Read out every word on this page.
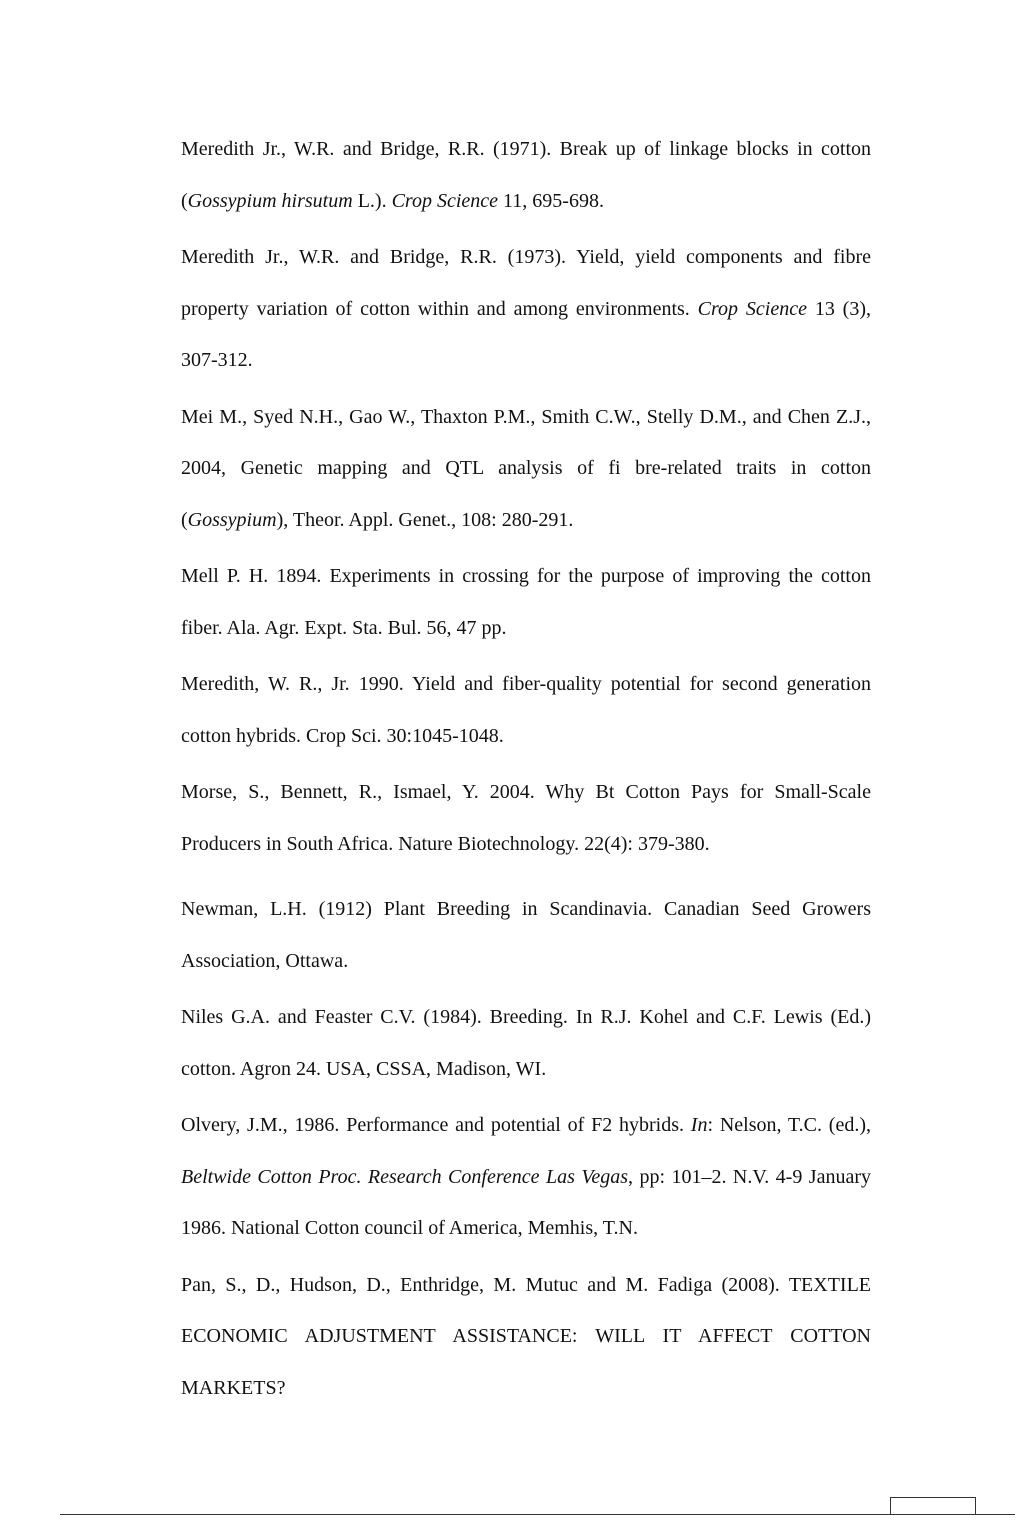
Meredith Jr., W.R. and Bridge, R.R. (1971). Break up of linkage blocks in cotton (Gossypium hirsutum L.). Crop Science 11, 695-698.

Meredith Jr., W.R. and Bridge, R.R. (1973). Yield, yield components and fibre property variation of cotton within and among environments. Crop Science 13 (3), 307-312.

Mei M., Syed N.H., Gao W., Thaxton P.M., Smith C.W., Stelly D.M., and Chen Z.J., 2004, Genetic mapping and QTL analysis of fi bre-related traits in cotton (Gossypium), Theor. Appl. Genet., 108: 280-291.

Mell P. H. 1894. Experiments in crossing for the purpose of improving the cotton fiber. Ala. Agr. Expt. Sta. Bul. 56, 47 pp.

Meredith, W. R., Jr. 1990. Yield and fiber-quality potential for second generation cotton hybrids. Crop Sci. 30:1045-1048.

Morse, S., Bennett, R., Ismael, Y. 2004. Why Bt Cotton Pays for Small-Scale Producers in South Africa. Nature Biotechnology. 22(4): 379-380.

Newman, L.H. (1912) Plant Breeding in Scandinavia. Canadian Seed Growers Association, Ottawa.

Niles G.A. and Feaster C.V. (1984). Breeding. In R.J. Kohel and C.F. Lewis (Ed.) cotton. Agron 24. USA, CSSA, Madison, WI.

Olvery, J.M., 1986. Performance and potential of F2 hybrids. In: Nelson, T.C. (ed.), Beltwide Cotton Proc. Research Conference Las Vegas, pp: 101–2. N.V. 4-9 January 1986. National Cotton council of America, Memhis, T.N.

Pan, S., D., Hudson, D., Enthridge, M. Mutuc and M. Fadiga (2008). TEXTILE ECONOMIC ADJUSTMENT ASSISTANCE: WILL IT AFFECT COTTON MARKETS?
